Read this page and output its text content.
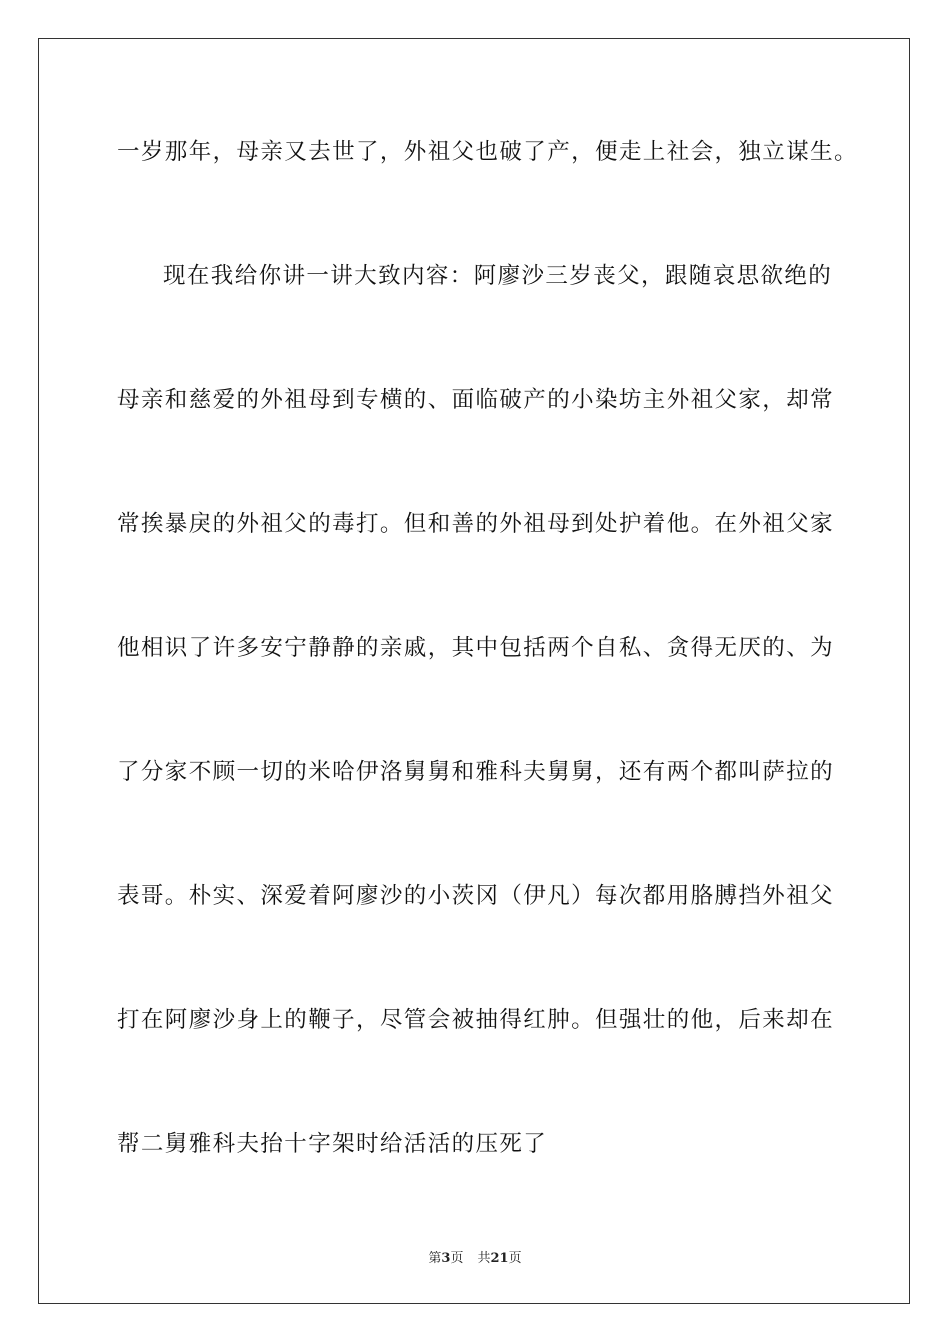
一岁那年，母亲又去世了，外祖父也破了产，便走上社会，独立谋生。
现在我给你讲一讲大致内容：阿廖沙三岁丧父，跟随哀思欲绝的
母亲和慈爱的外祖母到专横的、面临破产的小染坊主外祖父家，却常
常挨暴戾的外祖父的毒打。但和善的外祖母到处护着他。在外祖父家
他相识了许多安宁静静的亲戚，其中包括两个自私、贪得无厌的、为
了分家不顾一切的米哈伊洛舅舅和雅科夫舅舅，还有两个都叫萨拉的
表哥。朴实、深爱着阿廖沙的小茨冈（伊凡）每次都用胳膊挡外祖父
打在阿廖沙身上的鞭子，尽管会被抽得红肿。但强壮的他，后来却在
帮二舅雅科夫抬十字架时给活活的压死了
第3页 共21页
